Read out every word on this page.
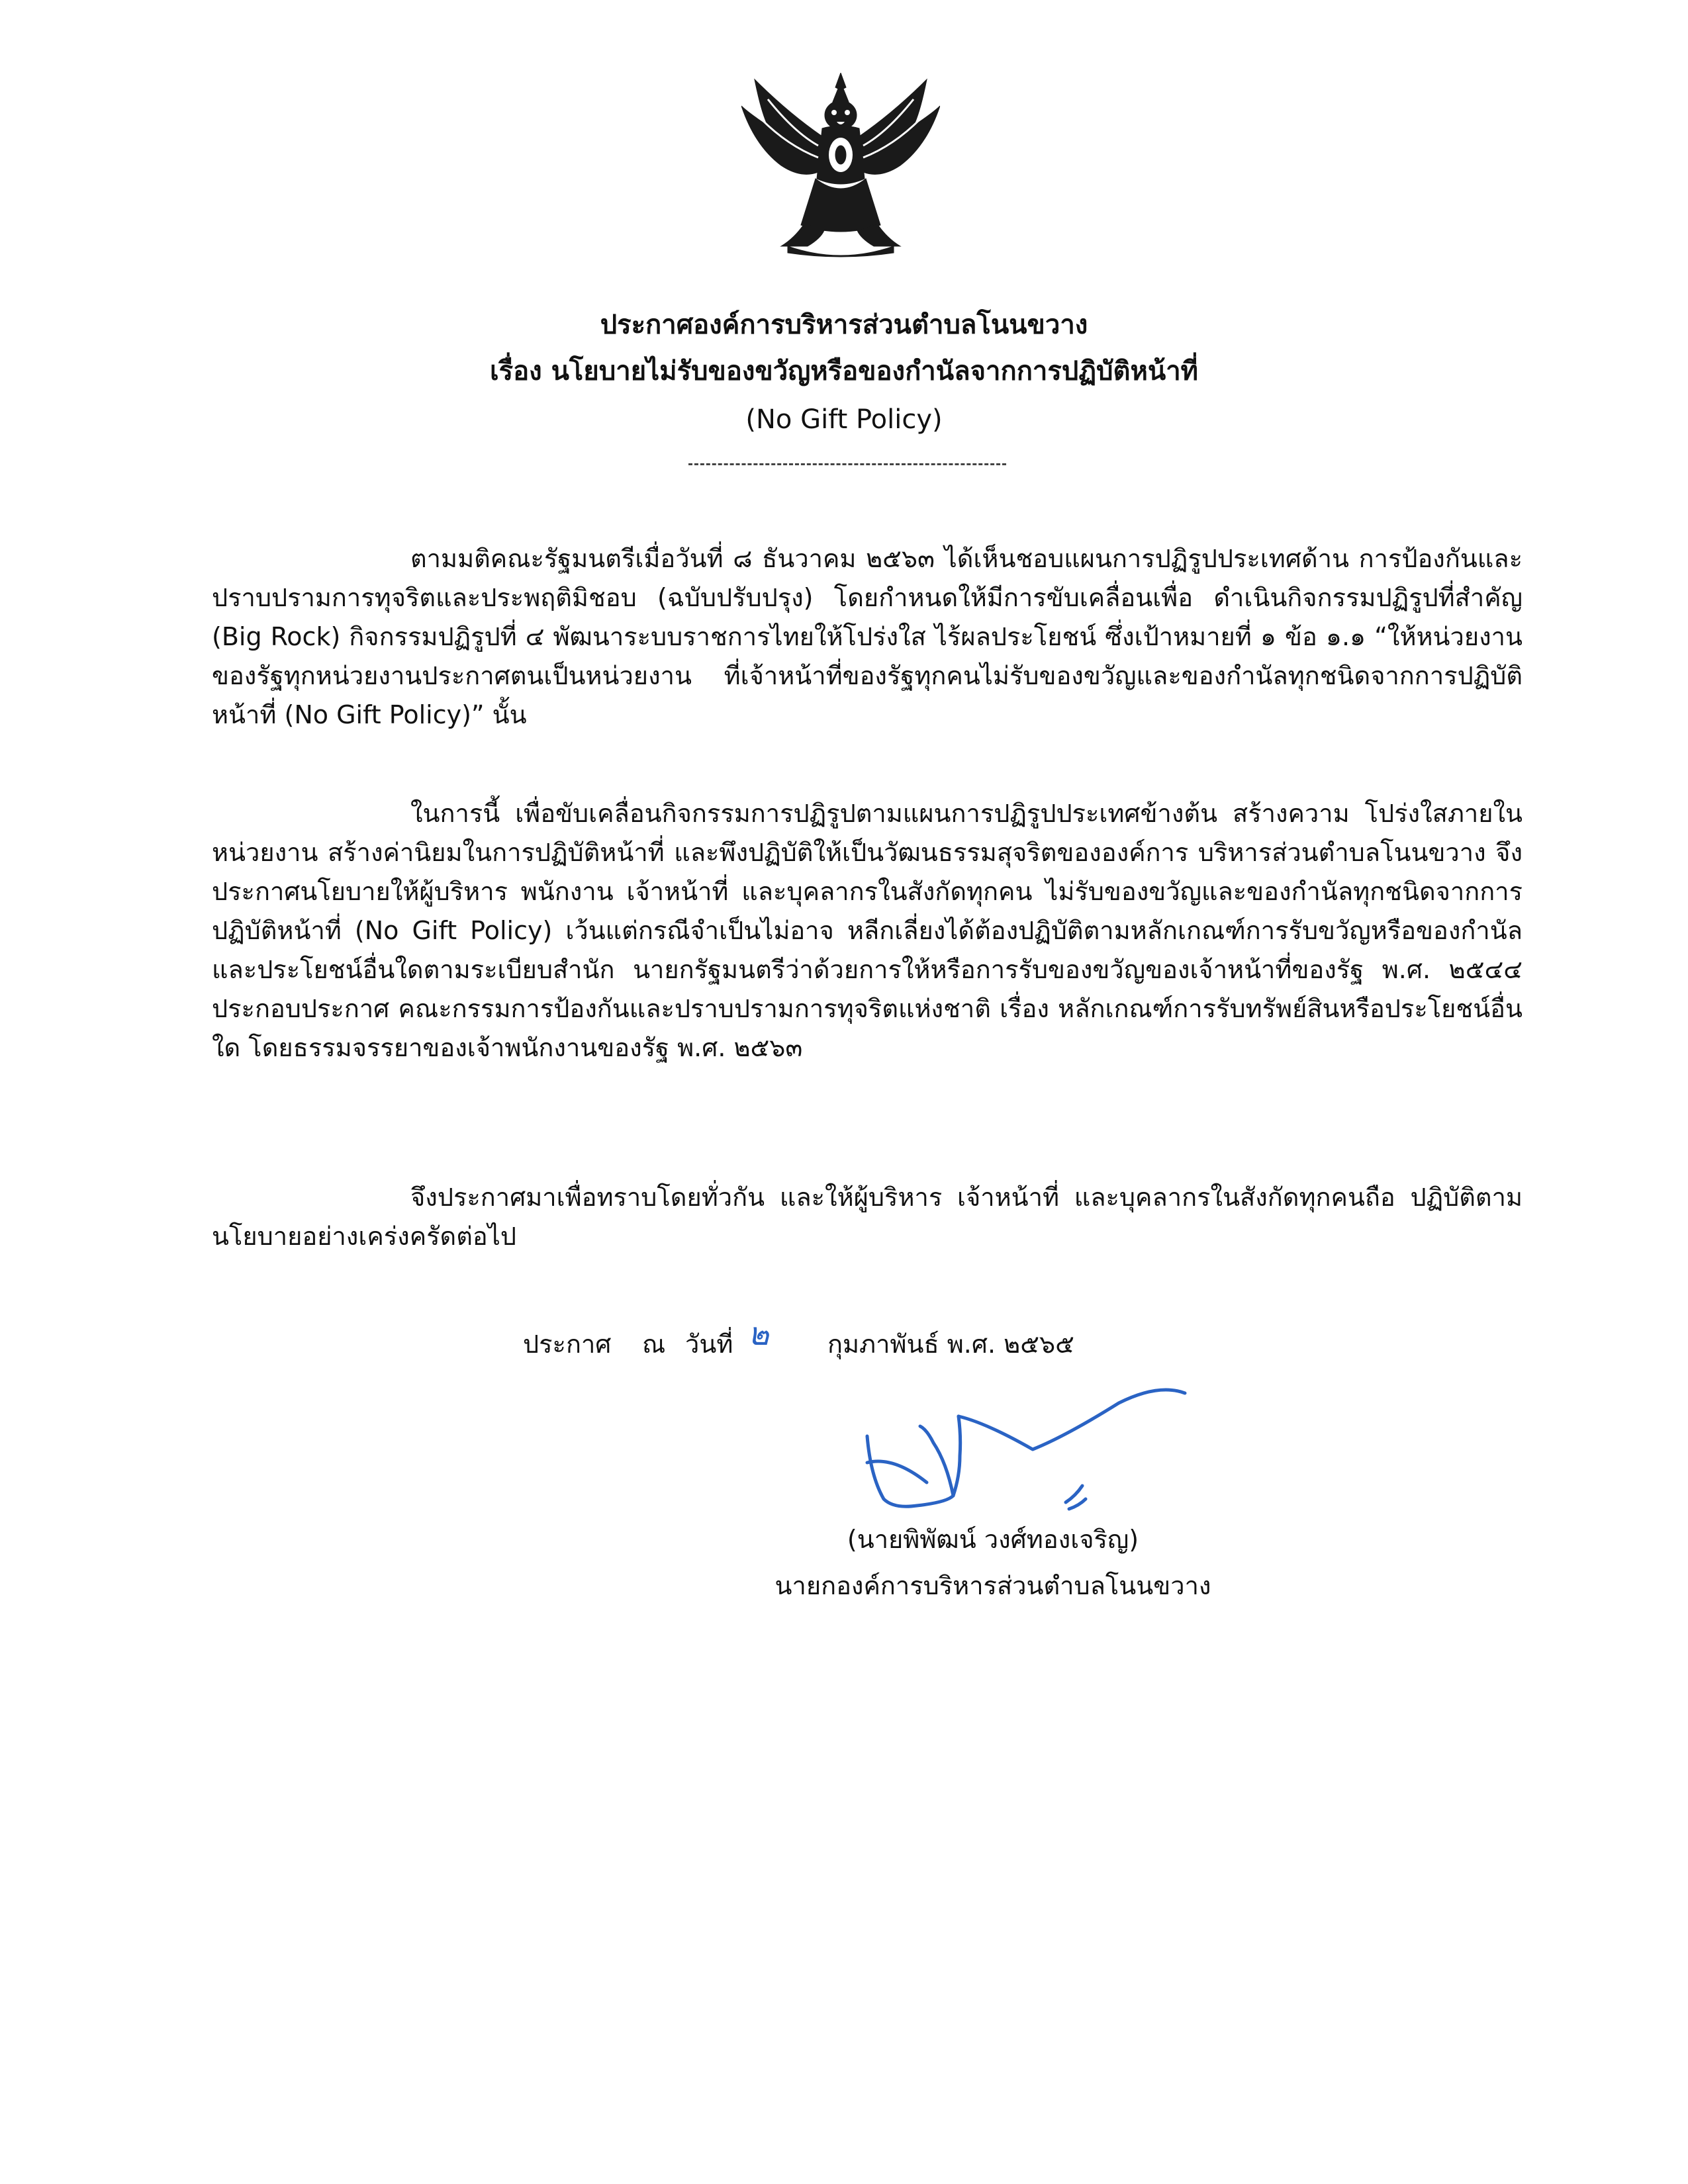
ประกาศองค์การบริหารส่วนตำบลโนนขวาง
เรื่อง นโยบายไม่รับของขวัญหรือของกำนัลจากการปฏิบัติหน้าที่
(No Gift Policy)

ตามมติคณะรัฐมนตรีเมื่อวันที่ ๘ ธันวาคม ๒๕๖๓ ได้เห็นชอบแผนการปฏิรูปประเทศด้าน การป้องกันและปราบปรามการทุจริตและประพฤติมิชอบ (ฉบับปรับปรุง) โดยกำหนดให้มีการขับเคลื่อนเพื่อ ดำเนินกิจกรรมปฏิรูปที่สำคัญ (Big Rock) กิจกรรมปฏิรูปที่ ๔ พัฒนาระบบราชการไทยให้โปร่งใส ไร้ผลประโยชน์ ซึ่งเป้าหมายที่ ๑ ข้อ ๑.๑ “ให้หน่วยงานของรัฐทุกหน่วยงานประกาศตนเป็นหน่วยงาน ที่เจ้าหน้าที่ของรัฐทุกคนไม่รับของขวัญและของกำนัลทุกชนิดจากการปฏิบัติหน้าที่ (No Gift Policy)” นั้น

ในการนี้ เพื่อขับเคลื่อนกิจกรรมการปฏิรูปตามแผนการปฏิรูปประเทศข้างต้น สร้างความ โปร่งใสภายในหน่วยงาน สร้างค่านิยมในการปฏิบัติหน้าที่ และพึงปฏิบัติให้เป็นวัฒนธรรมสุจริตขององค์การ บริหารส่วนตำบลโนนขวาง จึงประกาศนโยบายให้ผู้บริหาร พนักงาน เจ้าหน้าที่ และบุคลากรในสังกัดทุกคน ไม่รับของขวัญและของกำนัลทุกชนิดจากการปฏิบัติหน้าที่ (No Gift Policy) เว้นแต่กรณีจำเป็นไม่อาจ หลีกเลี่ยงได้ต้องปฏิบัติตามหลักเกณฑ์การรับขวัญหรือของกำนัล และประโยชน์อื่นใดตามระเบียบสำนัก นายกรัฐมนตรีว่าด้วยการให้หรือการรับของขวัญของเจ้าหน้าที่ของรัฐ พ.ศ. ๒๕๔๔ ประกอบประกาศ คณะกรรมการป้องกันและปราบปรามการทุจริตแห่งชาติ เรื่อง หลักเกณฑ์การรับทรัพย์สินหรือประโยชน์อื่นใด โดยธรรมจรรยาของเจ้าพนักงานของรัฐ พ.ศ. ๒๕๖๓

จึงประกาศมาเพื่อทราบโดยทั่วกัน และให้ผู้บริหาร เจ้าหน้าที่ และบุคลากรในสังกัดทุกคนถือ ปฏิบัติตามนโยบายอย่างเคร่งครัดต่อไป

ประกาศ ณ วันที่ ๒ กุมภาพันธ์ พ.ศ. ๒๕๖๕
(นายพิพัฒน์ วงศ์ทองเจริญ)
นายกองค์การบริหารส่วนตำบลโนนขวาง
